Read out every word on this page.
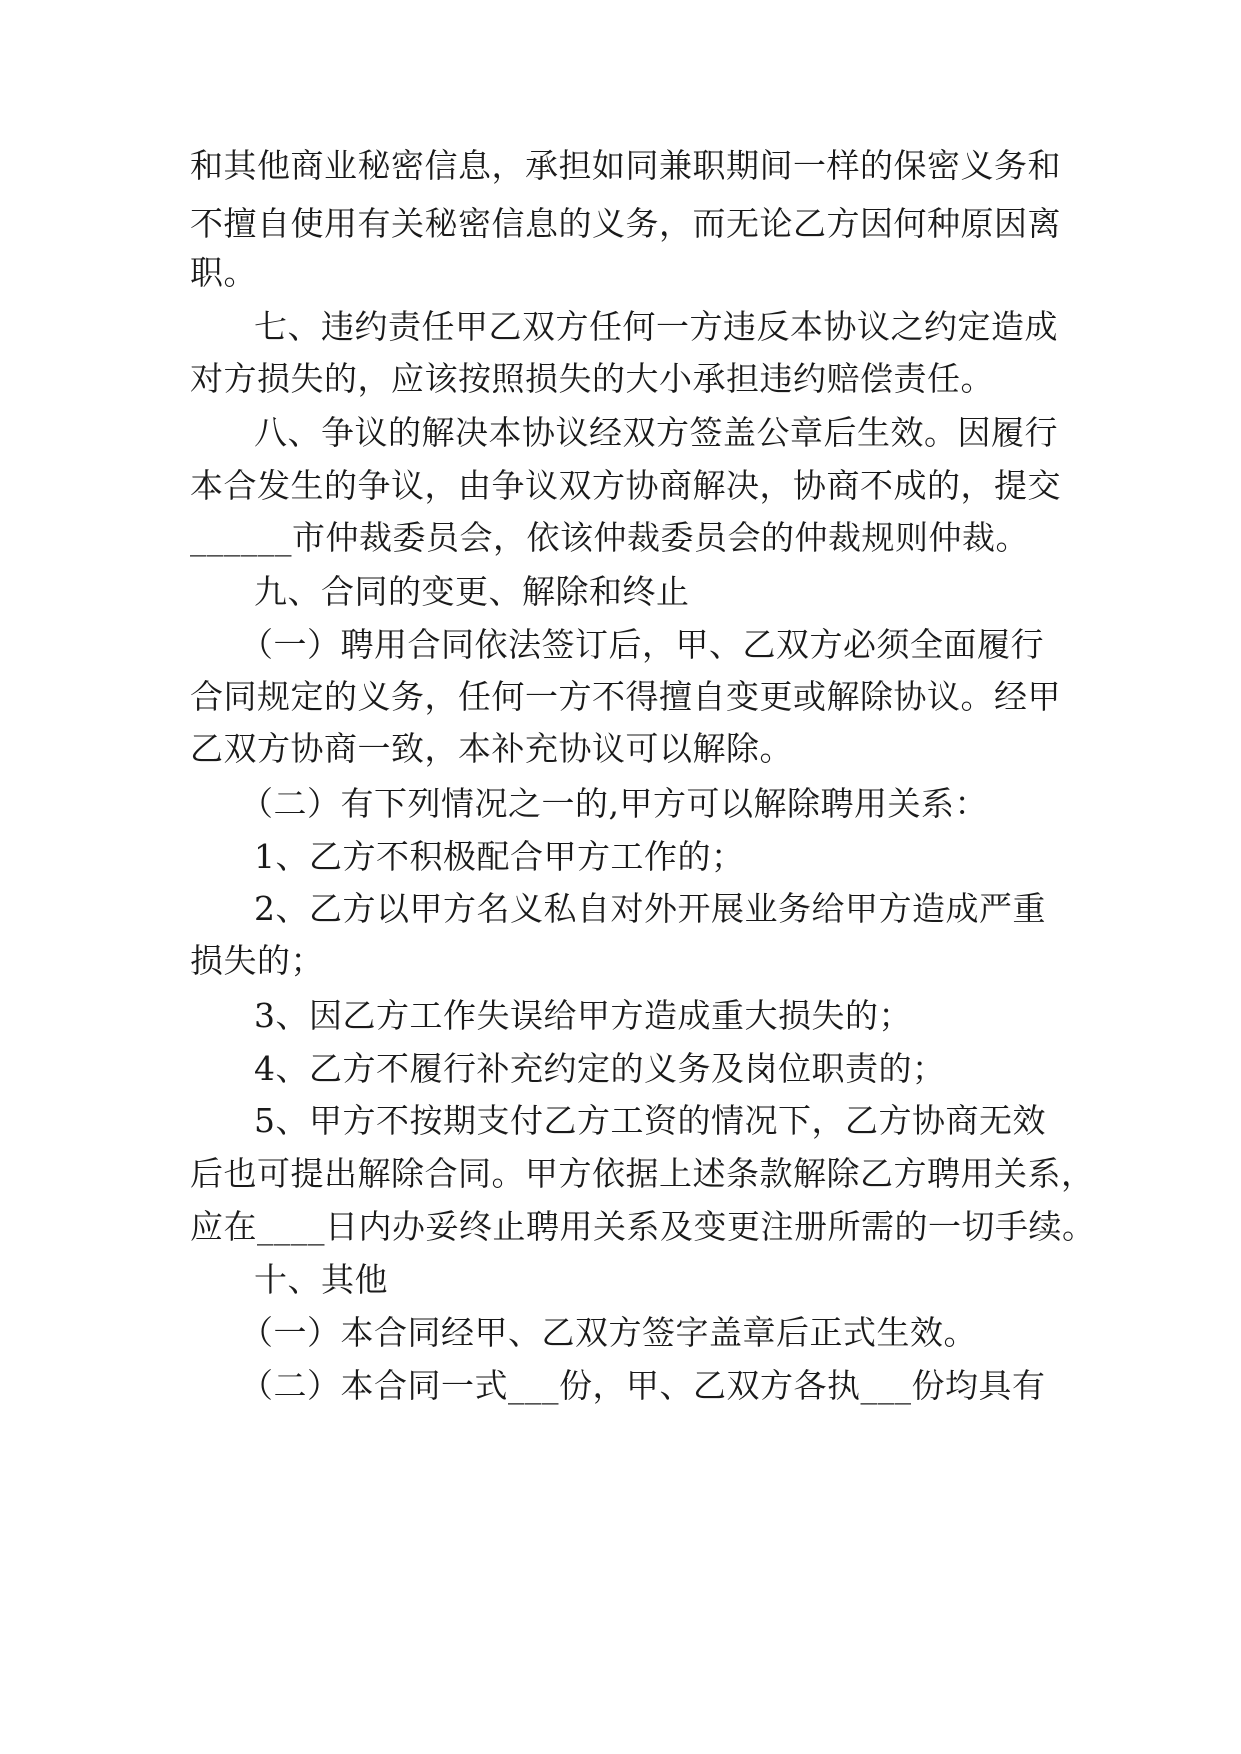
和其他商业秘密信息，承担如同兼职期间一样的保密义务和
不擅自使用有关秘密信息的义务，而无论乙方因何种原因离
职。
七、违约责任甲乙双方任何一方违反本协议之约定造成
对方损失的，应该按照损失的大小承担违约赔偿责任。
八、争议的解决本协议经双方签盖公章后生效。因履行
本合发生的争议，由争议双方协商解决，协商不成的，提交
______市仲裁委员会，依该仲裁委员会的仲裁规则仲裁。
九、合同的变更、解除和终止
（一）聘用合同依法签订后，甲、乙双方必须全面履行
合同规定的义务，任何一方不得擅自变更或解除协议。经甲
乙双方协商一致，本补充协议可以解除。
（二）有下列情况之一的,甲方可以解除聘用关系：
1、乙方不积极配合甲方工作的；
2、乙方以甲方名义私自对外开展业务给甲方造成严重
损失的；
3、因乙方工作失误给甲方造成重大损失的；
4、乙方不履行补充约定的义务及岗位职责的；
5、甲方不按期支付乙方工资的情况下，乙方协商无效
后也可提出解除合同。甲方依据上述条款解除乙方聘用关系，
应在____日内办妥终止聘用关系及变更注册所需的一切手续。
十、其他
（一）本合同经甲、乙双方签字盖章后正式生效。
（二）本合同一式___份，甲、乙双方各执___份均具有
